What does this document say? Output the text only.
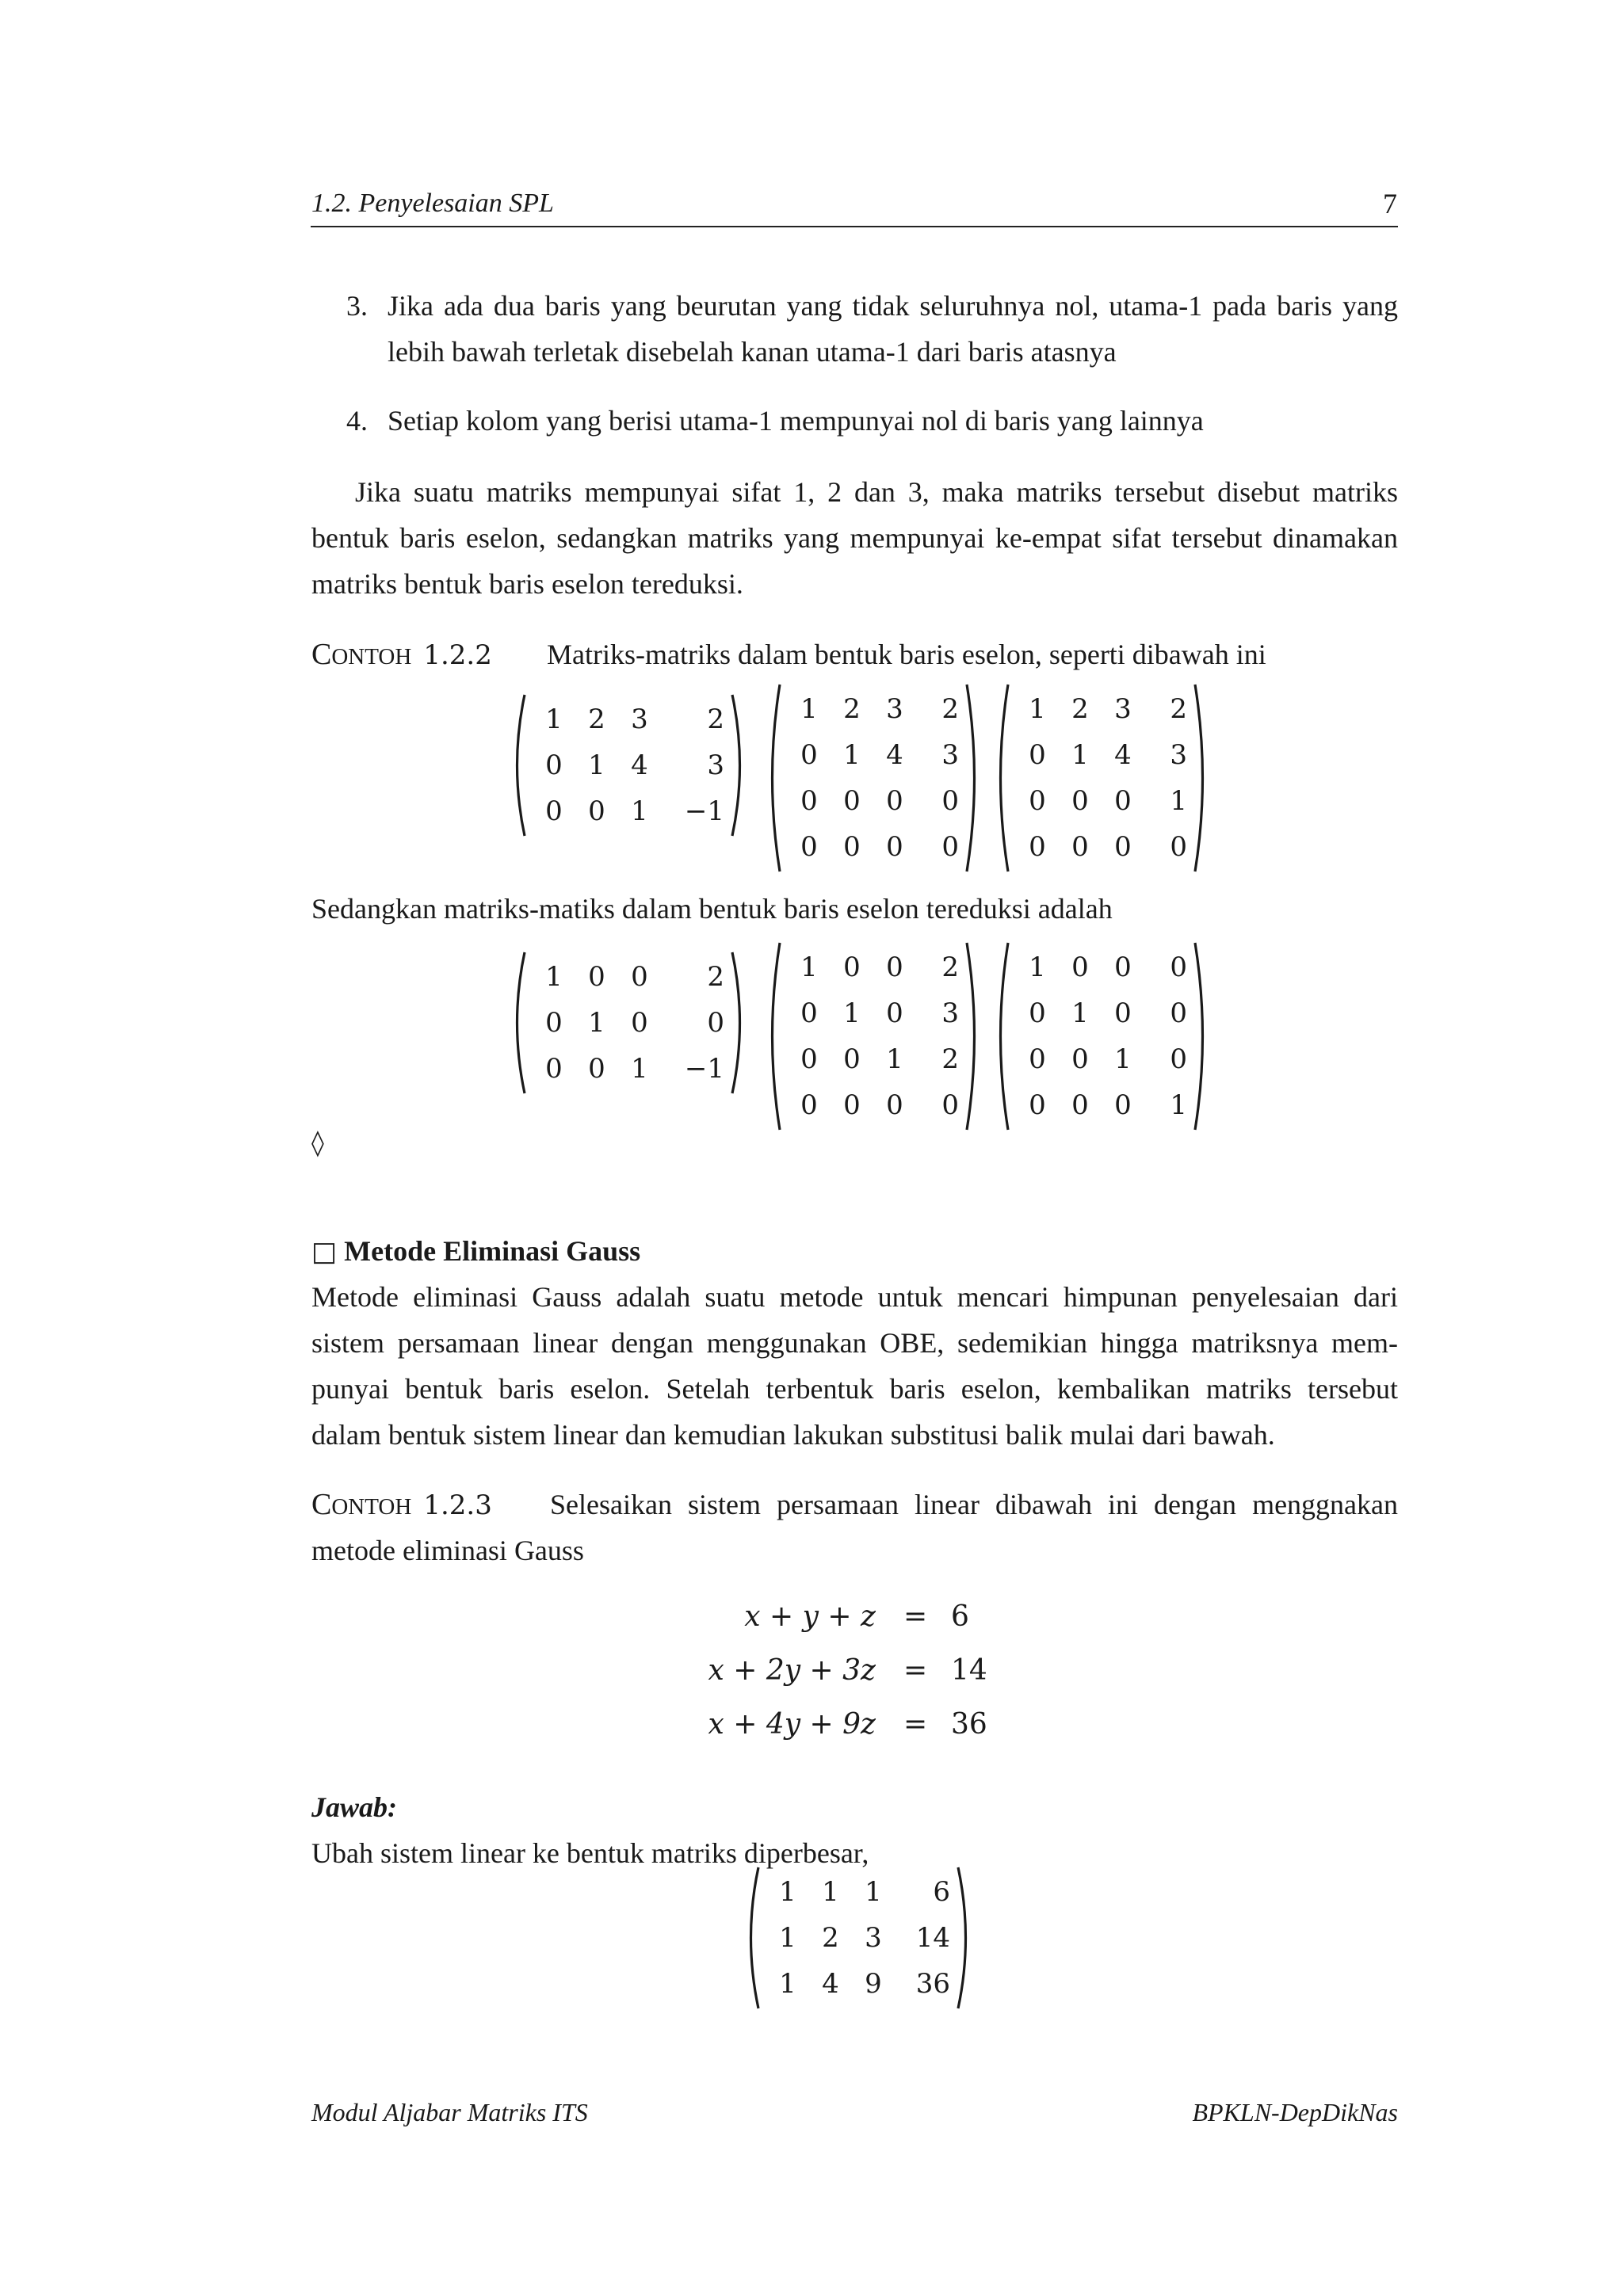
1.2. Penyelesaian SPL	7
3. Jika ada dua baris yang beurutan yang tidak seluruhnya nol, utama-1 pada baris yang
lebih bawah terletak disebelah kanan utama-1 dari baris atasnya
4. Setiap kolom yang berisi utama-1 mempunyai nol di baris yang lainnya
Jika suatu matriks mempunyai sifat 1, 2 dan 3, maka matriks tersebut disebut matriks
bentuk baris eselon, sedangkan matriks yang mempunyai ke-empat sifat tersebut dinamakan
matriks bentuk baris eselon tereduksi.
CONTOH 1.2.2 Matriks-matriks dalam bentuk baris eselon, seperti dibawah ini
1 2 3	2
0 1 4	3
0 0 1	−1
1 2 3	2
0 1 4	3
0 0 0	0
0 0 0	0
1 2 3	2
0 1 4	3
0 0 0	1
0 0 0	0
Sedangkan matriks-matiks dalam bentuk baris eselon tereduksi adalah
1 0 0	2
0 1 0	0
0 0 1	−1
1 0 0	2
0 1 0	3
0 0 1	2
0 0 0	0
1 0 0	0
0 1 0	0
0 0 1	0
0 0 0	1
◊
□ Metode Eliminasi Gauss
Metode eliminasi Gauss adalah suatu metode untuk mencari himpunan penyelesaian dari
sistem persamaan linear dengan menggunakan OBE, sedemikian hingga matriksnya mem-
punyai bentuk baris eselon. Setelah terbentuk baris eselon, kembalikan matriks tersebut
dalam bentuk sistem linear dan kemudian lakukan substitusi balik mulai dari bawah.
CONTOH 1.2.3 Selesaikan sistem persamaan linear dibawah ini dengan menggnakan
metode eliminasi Gauss
x + y + z = 6
x + 2y + 3z = 14
x + 4y + 9z = 36
Jawab:
Ubah sistem linear ke bentuk matriks diperbesar,
1 1 1	6
1 2 3	14
1 4 9	36
Modul Aljabar Matriks ITS	BPKLN-DepDikNas
